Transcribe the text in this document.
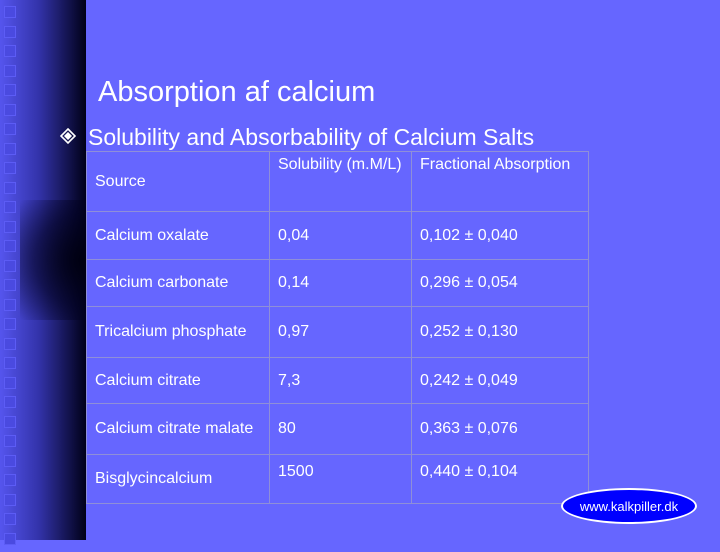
Absorption af calcium
Solubility and Absorbability of Calcium Salts
Source	Solubility (m.M/L)	Fractional Absorption
Calcium oxalate	0,04	0,102 ± 0,040
Calcium carbonate	0,14	0,296 ± 0,054
Tricalcium phosphate	0,97	0,252 ± 0,130
Calcium citrate	7,3	0,242 ± 0,049
Calcium citrate malate	80	0,363 ± 0,076
Bisglycincalcium	1500	0,440 ± 0,104
www.kalkpiller.dk
